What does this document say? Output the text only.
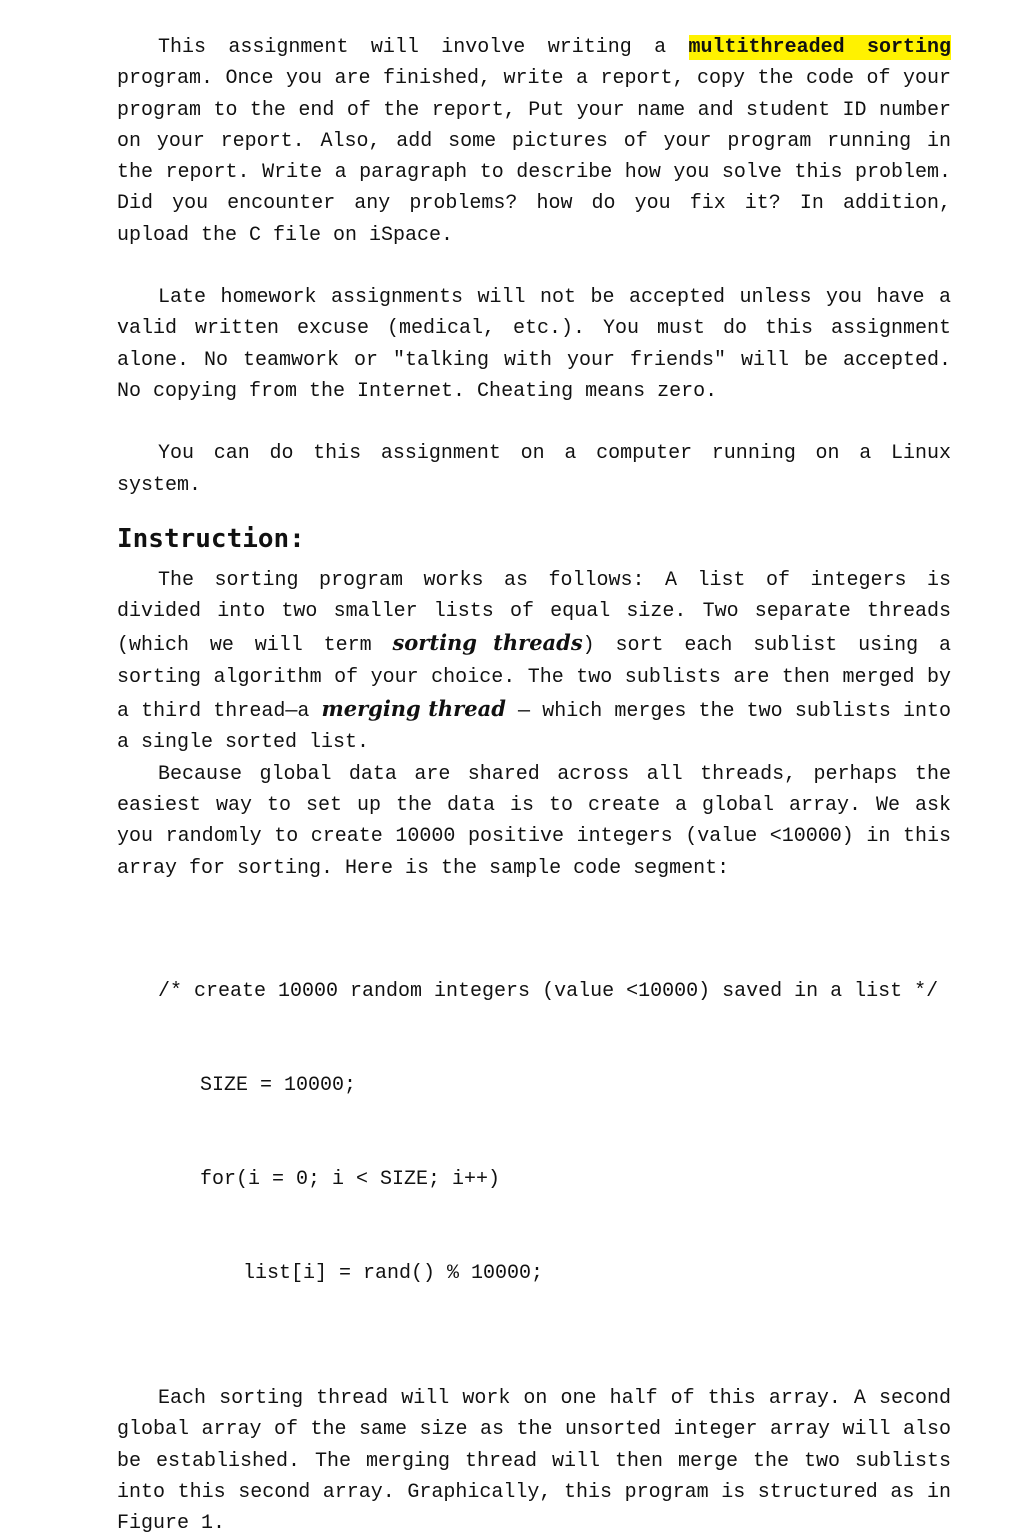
This assignment will involve writing a multithreaded sorting program. Once you are finished, write a report, copy the code of your program to the end of the report, Put your name and student ID number on your report. Also, add some pictures of your program running in the report. Write a paragraph to describe how you solve this problem. Did you encounter any problems? how do you fix it? In addition, upload the C file on iSpace.

Late homework assignments will not be accepted unless you have a valid written excuse (medical, etc.). You must do this assignment alone. No teamwork or "talking with your friends" will be accepted. No copying from the Internet. Cheating means zero.

You can do this assignment on a computer running on a Linux system.

Instruction:

The sorting program works as follows: A list of integers is divided into two smaller lists of equal size. Two separate threads (which we will term sorting threads) sort each sublist using a sorting algorithm of your choice. The two sublists are then merged by a third thread—a merging thread — which merges the two sublists into a single sorted list.

Because global data are shared across all threads, perhaps the easiest way to set up the data is to create a global array. We ask you randomly to create 10000 positive integers (value <10000) in this array for sorting. Here is the sample code segment:

/* create 10000 random integers (value <10000) saved in a list */

SIZE = 10000;

for(i = 0; i < SIZE; i++)

list[i] = rand() % 10000;

Each sorting thread will work on one half of this array. A second global array of the same size as the unsorted integer array will also be established. The merging thread will then merge the two sublists into this second array. Graphically, this program is structured as in Figure 1.
